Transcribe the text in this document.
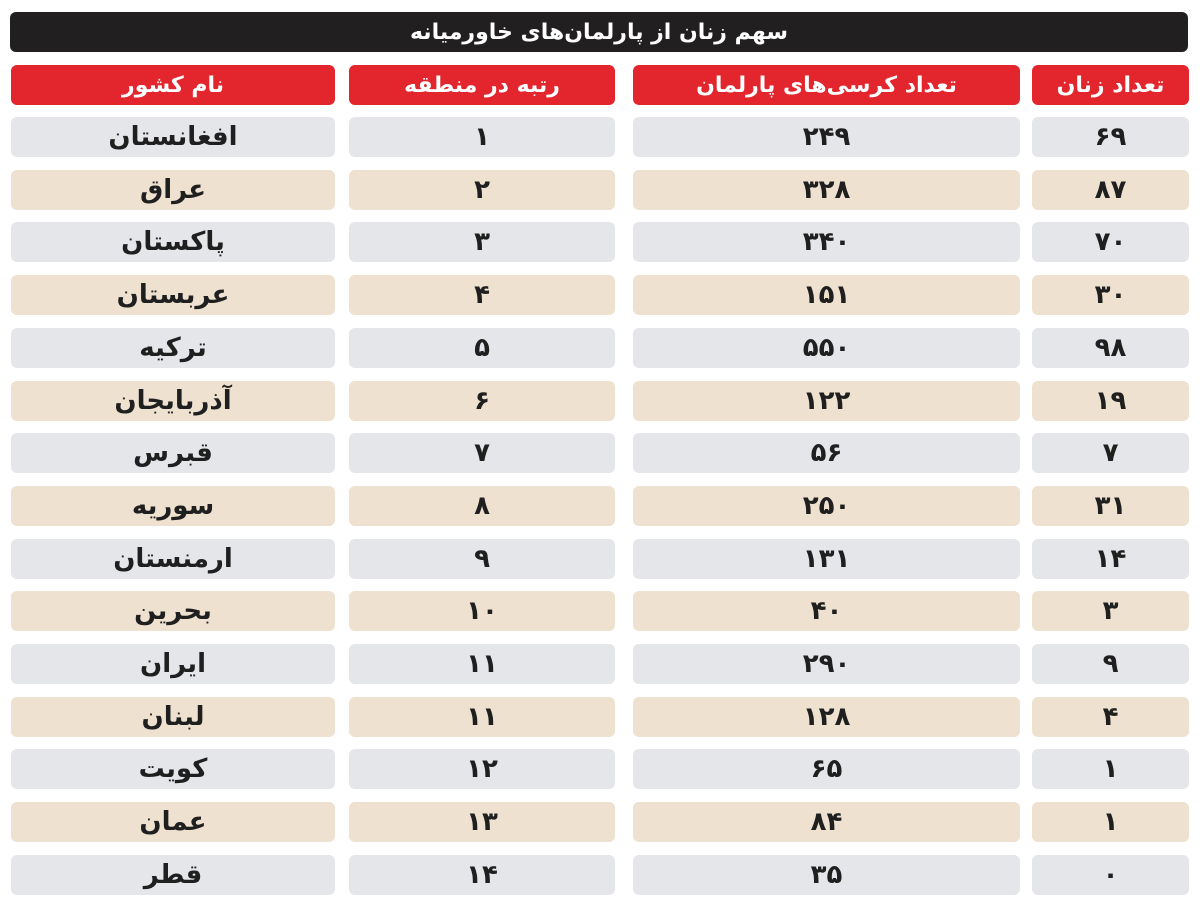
سهم زنان از پارلمان‌های خاورمیانه
نام کشور	رتبه در منطقه	تعداد کرسی‌های پارلمان	تعداد زنان
افغانستان	۱	۲۴۹	۶۹
عراق	۲	۳۲۸	۸۷
پاکستان	۳	۳۴۰	۷۰
عربستان	۴	۱۵۱	۳۰
ترکیه	۵	۵۵۰	۹۸
آذربایجان	۶	۱۲۲	۱۹
قبرس	۷	۵۶	۷
سوریه	۸	۲۵۰	۳۱
ارمنستان	۹	۱۳۱	۱۴
بحرین	۱۰	۴۰	۳
ایران	۱۱	۲۹۰	۹
لبنان	۱۱	۱۲۸	۴
کویت	۱۲	۶۵	۱
عمان	۱۳	۸۴	۱
قطر	۱۴	۳۵	۰
